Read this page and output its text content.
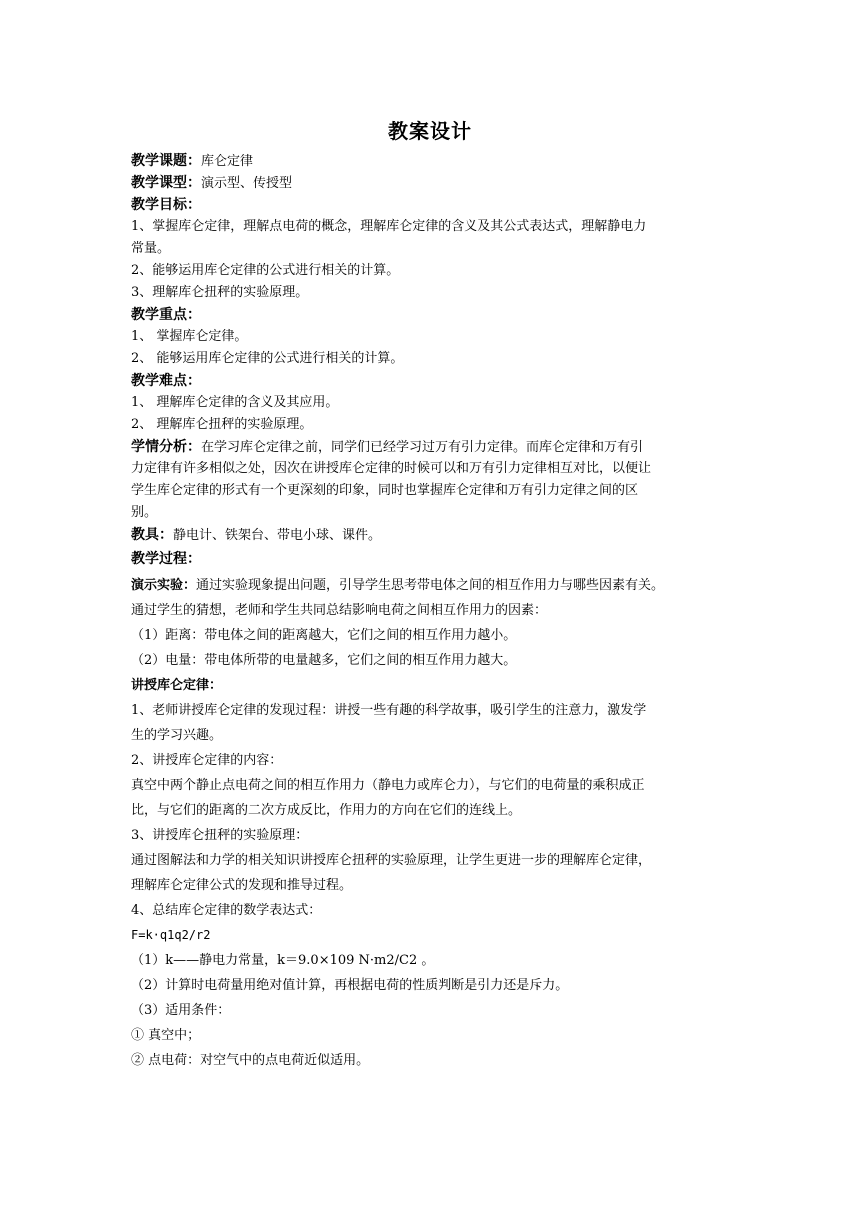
教案设计
教学课题：库仑定律
教学课型：演示型、传授型
教学目标：
1、掌握库仑定律，理解点电荷的概念，理解库仑定律的含义及其公式表达式，理解静电力
常量。
2、能够运用库仑定律的公式进行相关的计算。
3、理解库仑扭秤的实验原理。
教学重点：
1、 掌握库仑定律。
2、 能够运用库仑定律的公式进行相关的计算。
教学难点：
1、 理解库仑定律的含义及其应用。
2、 理解库仑扭秤的实验原理。
学情分析：在学习库仑定律之前，同学们已经学习过万有引力定律。而库仑定律和万有引
力定律有许多相似之处，因次在讲授库仑定律的时候可以和万有引力定律相互对比，以便让
学生库仑定律的形式有一个更深刻的印象，同时也掌握库仑定律和万有引力定律之间的区
别。
教具：静电计、铁架台、带电小球、课件。
教学过程：
演示实验：通过实验现象提出问题，引导学生思考带电体之间的相互作用力与哪些因素有关。
通过学生的猜想，老师和学生共同总结影响电荷之间相互作用力的因素：
（1）距离：带电体之间的距离越大，它们之间的相互作用力越小。
（2）电量：带电体所带的电量越多，它们之间的相互作用力越大。
讲授库仑定律：
1、老师讲授库仑定律的发现过程：讲授一些有趣的科学故事，吸引学生的注意力，激发学
生的学习兴趣。
2、讲授库仑定律的内容：
真空中两个静止点电荷之间的相互作用力（静电力或库仑力），与它们的电荷量的乘积成正
比，与它们的距离的二次方成反比，作用力的方向在它们的连线上。
3、讲授库仑扭秤的实验原理：
通过图解法和力学的相关知识讲授库仑扭秤的实验原理，让学生更进一步的理解库仑定律，
理解库仑定律公式的发现和推导过程。
4、总结库仑定律的数学表达式：
F=k·q1q2/r2
（1）k——静电力常量，k＝9.0×109 N·m2/C2 。
（2）计算时电荷量用绝对值计算，再根据电荷的性质判断是引力还是斥力。
（3）适用条件：
① 真空中；
② 点电荷：对空气中的点电荷近似适用。
